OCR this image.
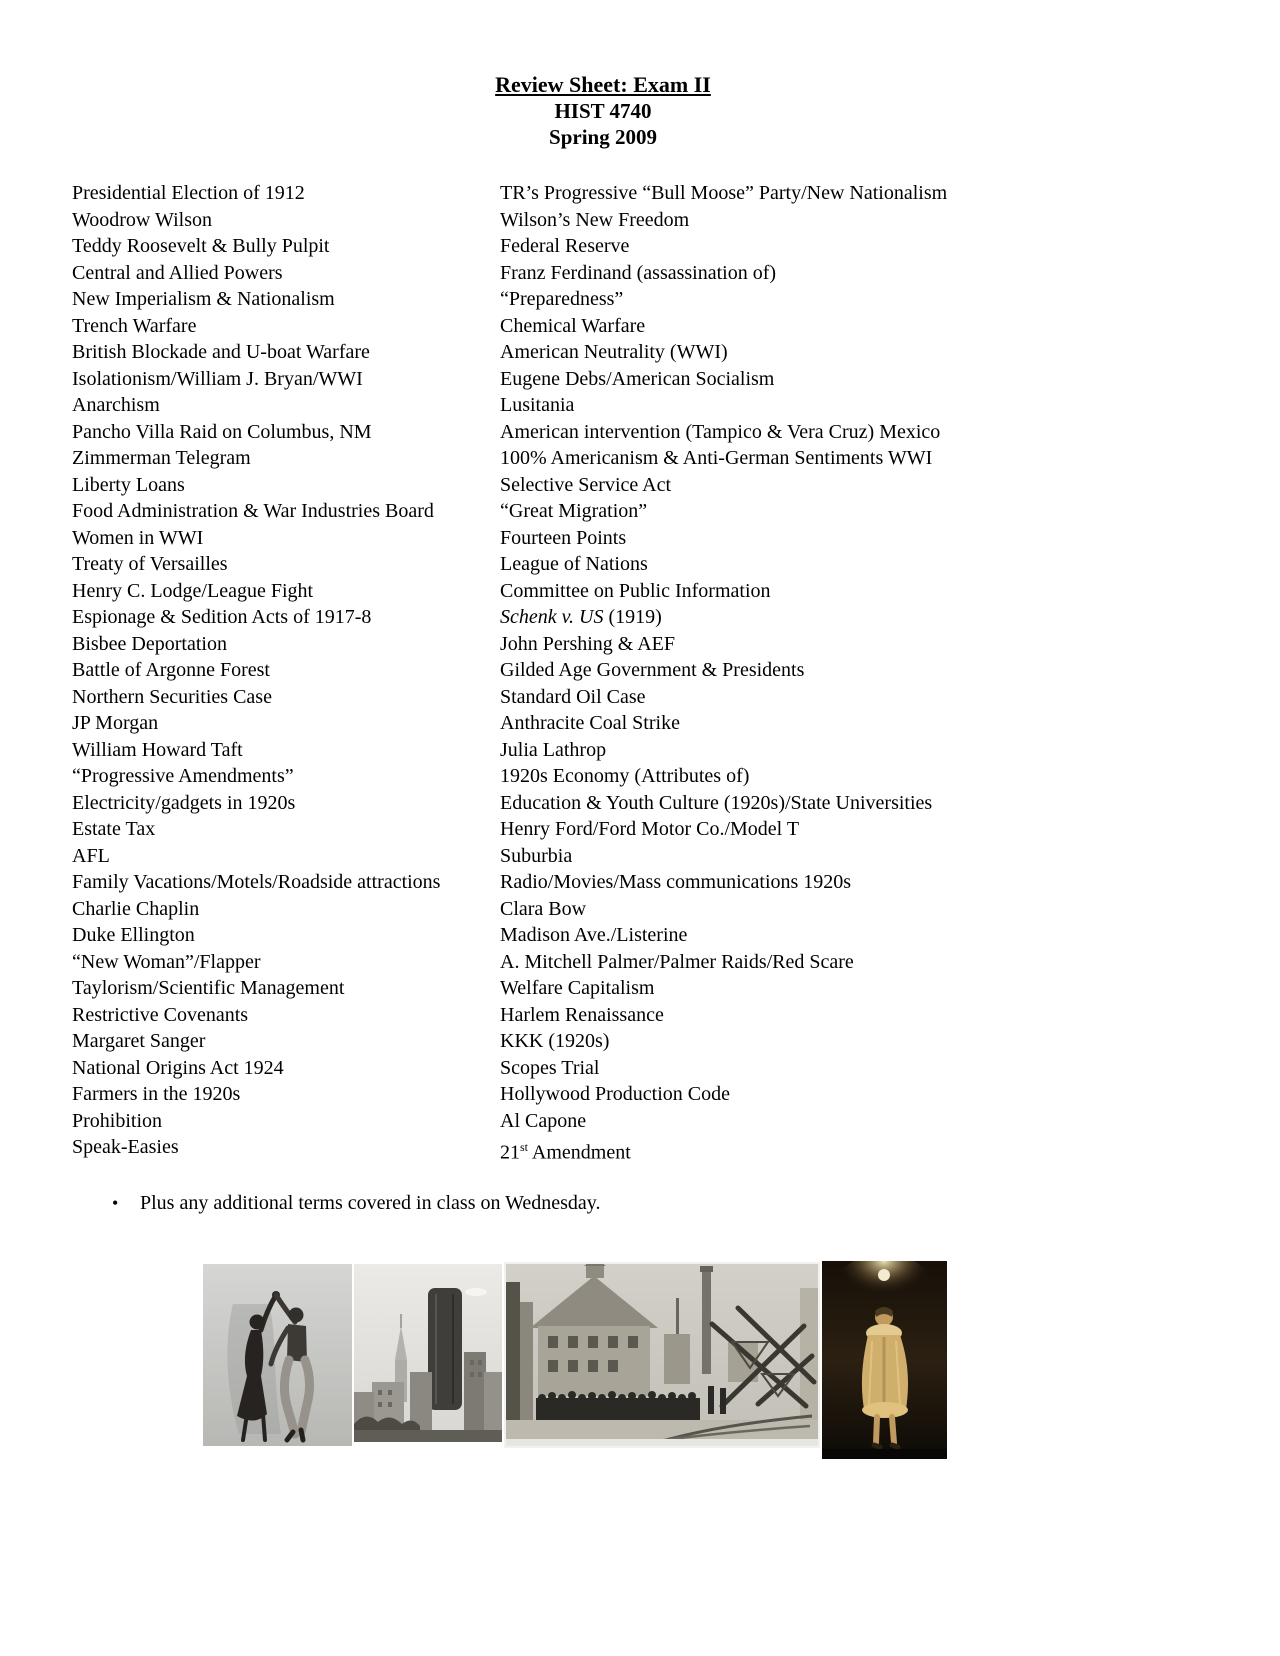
Review Sheet: Exam II
HIST 4740
Spring 2009
Presidential Election of 1912
Woodrow Wilson
Teddy Roosevelt & Bully Pulpit
Central and Allied Powers
New Imperialism & Nationalism
Trench Warfare
British Blockade and U-boat Warfare
Isolationism/William J. Bryan/WWI
Anarchism
Pancho Villa Raid on Columbus, NM
Zimmerman Telegram
Liberty Loans
Food Administration & War Industries Board
Women in WWI
Treaty of Versailles
Henry C. Lodge/League Fight
Espionage & Sedition Acts of 1917-8
Bisbee Deportation
Battle of Argonne Forest
Northern Securities Case
JP Morgan
William Howard Taft
“Progressive Amendments”
Electricity/gadgets in 1920s
Estate Tax
AFL
Family Vacations/Motels/Roadside attractions
Charlie Chaplin
Duke Ellington
“New Woman”/Flapper
Taylorism/Scientific Management
Restrictive Covenants
Margaret Sanger
National Origins Act 1924
Farmers in the 1920s
Prohibition
Speak-Easies
TR’s Progressive “Bull Moose” Party/New Nationalism
Wilson’s New Freedom
Federal Reserve
Franz Ferdinand (assassination of)
“Preparedness”
Chemical Warfare
American Neutrality (WWI)
Eugene Debs/American Socialism
Lusitania
American intervention (Tampico & Vera Cruz) Mexico
100% Americanism & Anti-German Sentiments WWI
Selective Service Act
“Great Migration”
Fourteen Points
League of Nations
Committee on Public Information
Schenk v. US (1919)
John Pershing & AEF
Gilded Age Government & Presidents
Standard Oil Case
Anthracite Coal Strike
Julia Lathrop
1920s Economy (Attributes of)
Education & Youth Culture (1920s)/State Universities
Henry Ford/Ford Motor Co./Model T
Suburbia
Radio/Movies/Mass communications 1920s
Clara Bow
Madison Ave./Listerine
A. Mitchell Palmer/Palmer Raids/Red Scare
Welfare Capitalism
Harlem Renaissance
KKK (1920s)
Scopes Trial
Hollywood Production Code
Al Capone
21st Amendment
• Plus any additional terms covered in class on Wednesday.
